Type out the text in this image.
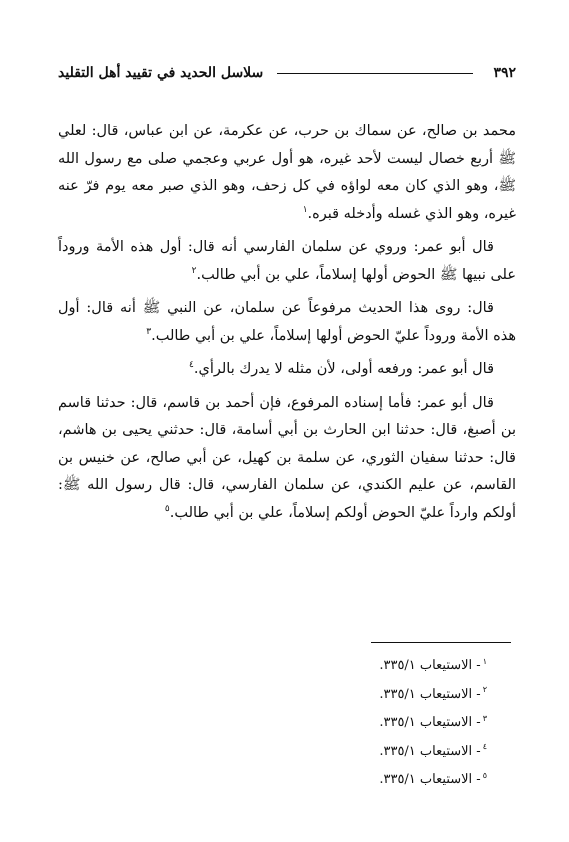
٣٩٢
سلاسل الحديد في تقييد أهل التقليد

محمد بن صالح، عن سماك بن حرب، عن عكرمة، عن ابن عباس، قال: لعلي ﷺ أربع خصال ليست لأحد غيره، هو أول عربي وعجمي صلى مع رسول الله ﷺ، وهو الذي كان معه لواؤه في كل زحف، وهو الذي صبر معه يوم فرّ عنه غيره، وهو الذي غسله وأدخله قبره.$^١$

قال أبو عمر: وروي عن سلمان الفارسي أنه قال: أول هذه الأمة وروداً على نبيها ﷺ الحوض أولها إسلاماً، علي بن أبي طالب.$^٢$

قال: روى هذا الحديث مرفوعاً عن سلمان، عن النبي ﷺ أنه قال: أول هذه الأمة وروداً عليّ الحوض أولها إسلاماً، علي بن أبي طالب.$^٣$

قال أبو عمر: ورفعه أولى، لأن مثله لا يدرك بالرأي.$^٤$

قال أبو عمر: فأما إسناده المرفوع، فإن أحمد بن قاسم، قال: حدثنا قاسم بن أصبغ، قال: حدثنا ابن الحارث بن أبي أسامة، قال: حدثني يحيى بن هاشم، قال: حدثنا سفيان الثوري، عن سلمة بن كهيل، عن أبي صالح، عن خنيس بن القاسم، عن عليم الكندي، عن سلمان الفارسي، قال: قال رسول الله ﷺ: أولكم وارداً عليّ الحوض أولكم إسلاماً، علي بن أبي طالب.$^٥$

$^١$- الاستيعاب ٣٣٥/١.
$^٢$- الاستيعاب ٣٣٥/١.
$^٣$- الاستيعاب ٣٣٥/١.
$^٤$- الاستيعاب ٣٣٥/١.
$^٥$- الاستيعاب ٣٣٥/١.
